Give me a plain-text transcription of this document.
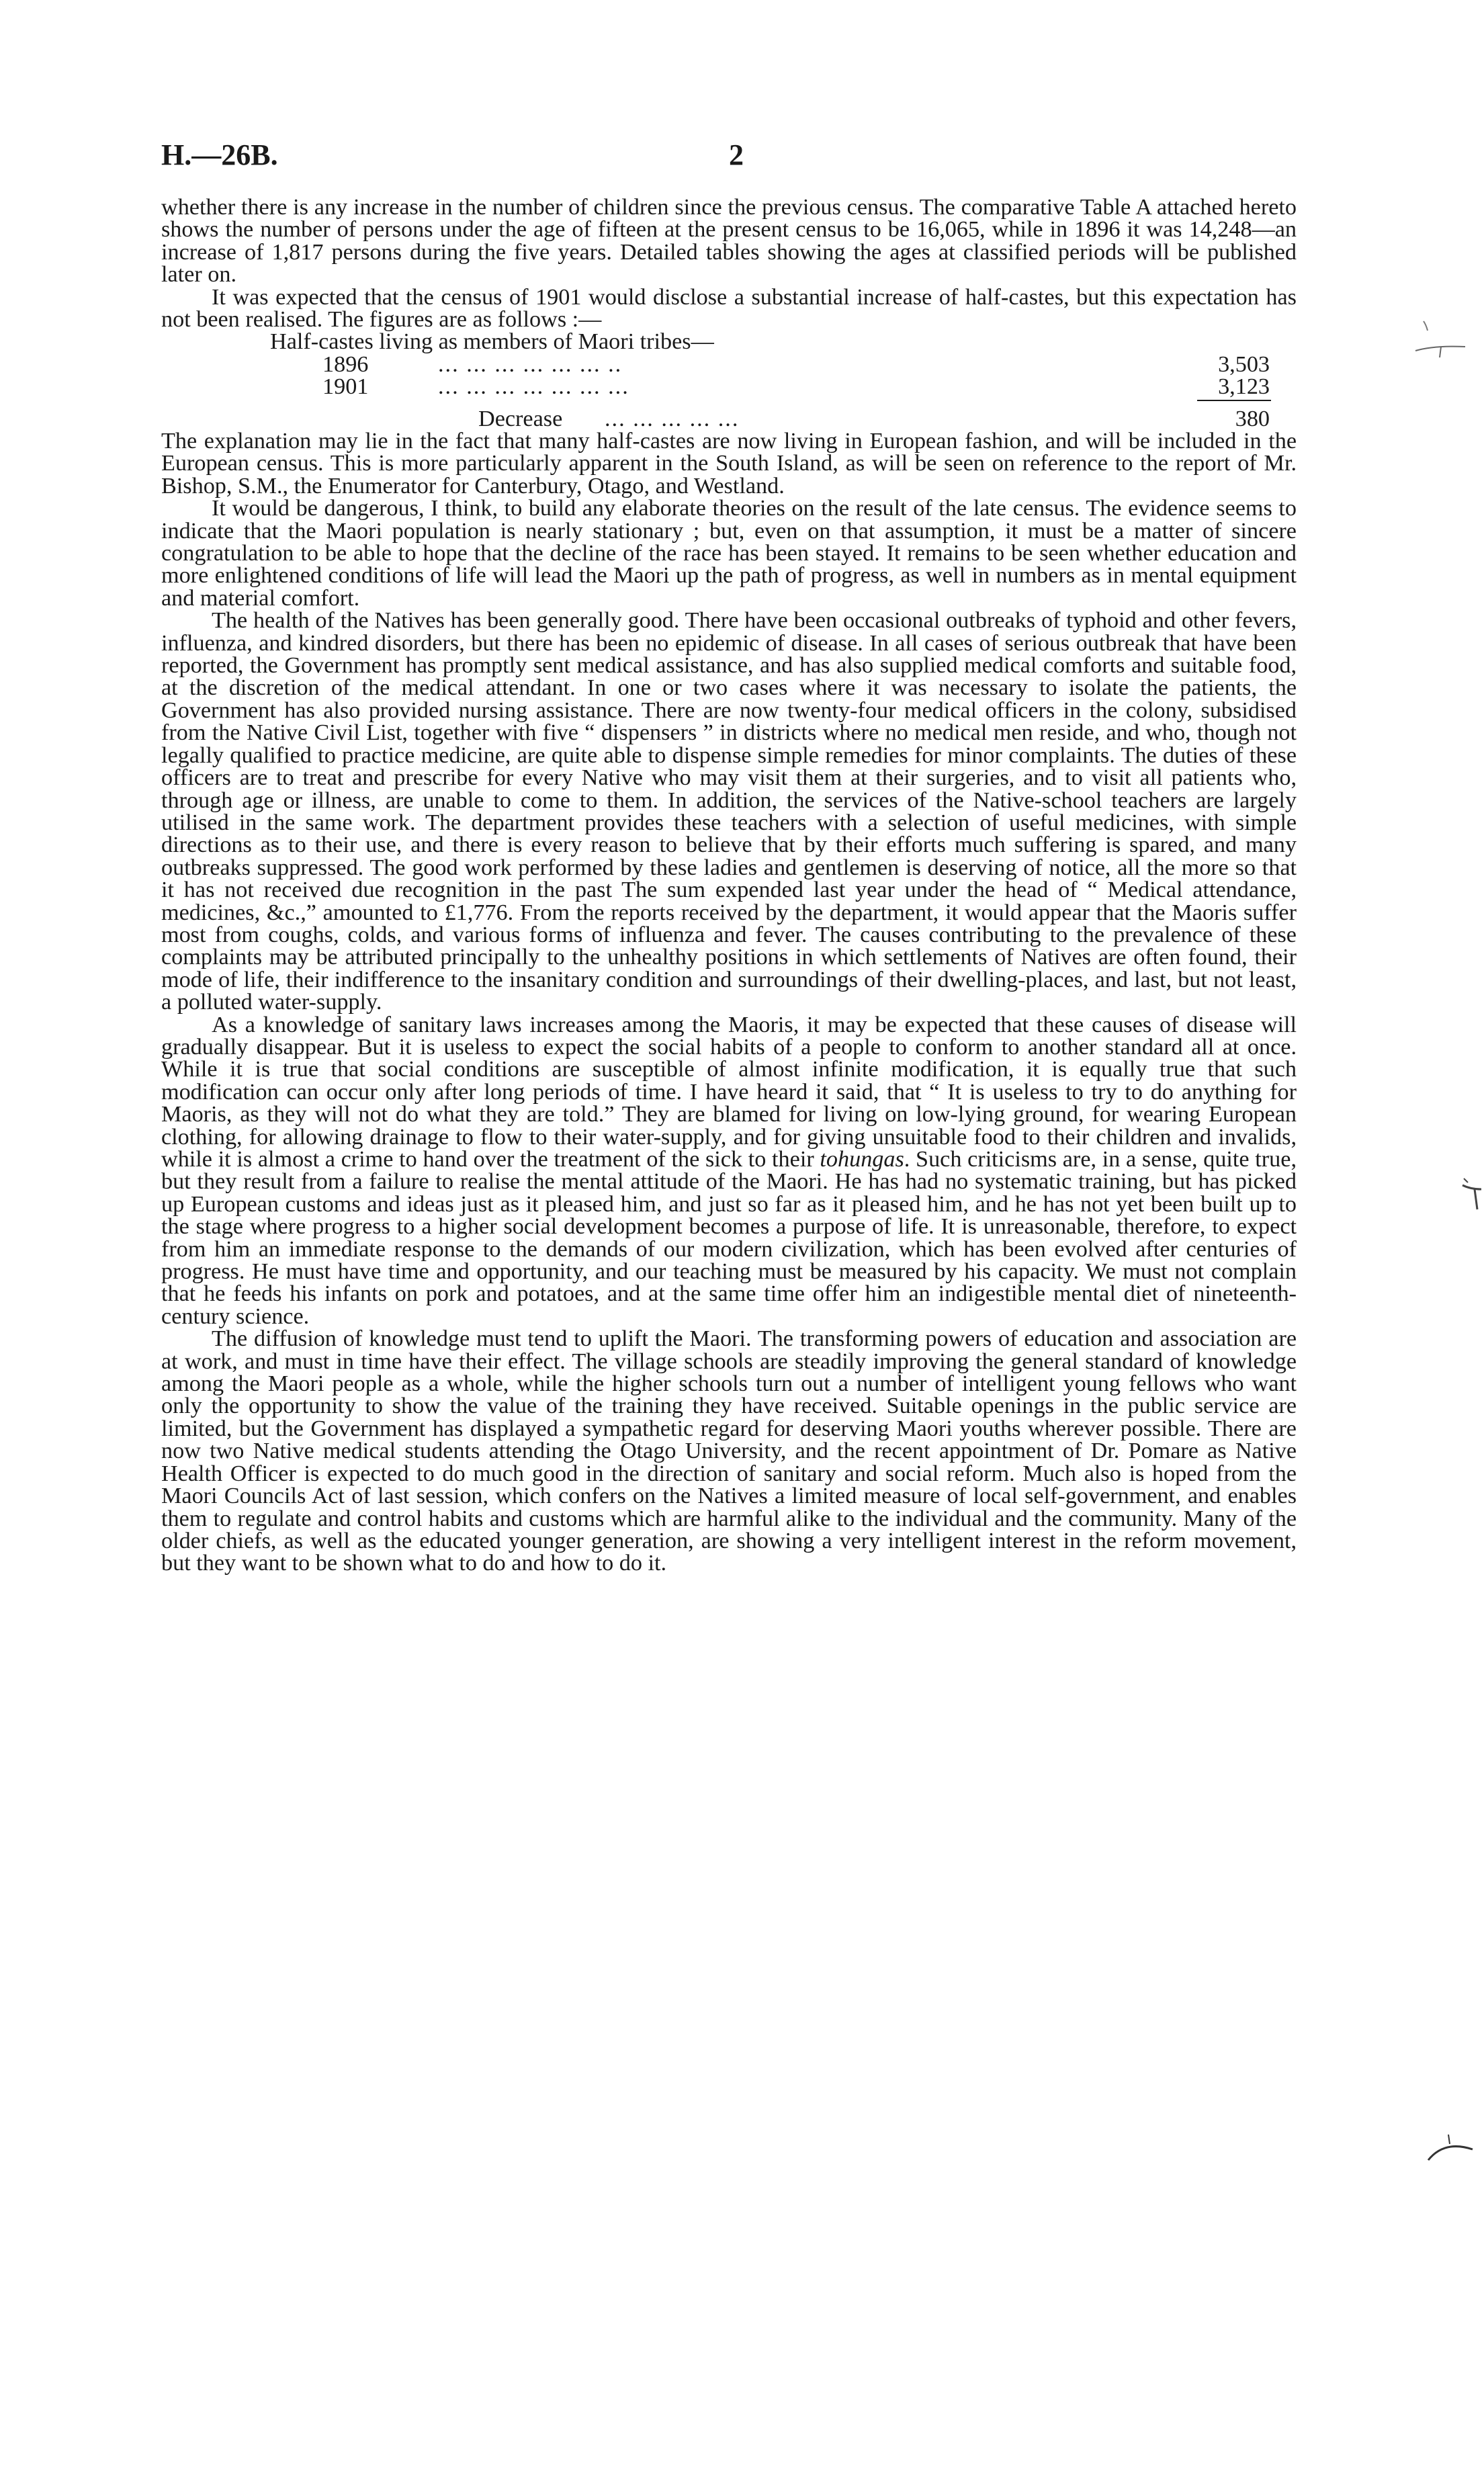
H.—26B.	2

whether there is any increase in the number of children since the previous census. The comparative Table A attached hereto shows the number of persons under the age of fifteen at the present census to be 16,065, while in 1896 it was 14,248—an increase of 1,817 persons during the five years. Detailed tables showing the ages at classified periods will be published later on.

It was expected that the census of 1901 would disclose a substantial increase of half-castes, but this expectation has not been realised. The figures are as follows :—

Half-castes living as members of Maori tribes—
1896	... ... ... ... ... ... ..	3,503
1901	... ... ... ... ... ... ...	3,123
Decrease ... ... ... ... ...	380

The explanation may lie in the fact that many half-castes are now living in European fashion, and will be included in the European census. This is more particularly apparent in the South Island, as will be seen on reference to the report of Mr. Bishop, S.M., the Enumerator for Canterbury, Otago, and Westland.

It would be dangerous, I think, to build any elaborate theories on the result of the late census. The evidence seems to indicate that the Maori population is nearly stationary ; but, even on that assumption, it must be a matter of sincere congratulation to be able to hope that the decline of the race has been stayed. It remains to be seen whether education and more enlightened conditions of life will lead the Maori up the path of progress, as well in numbers as in mental equipment and material comfort.

The health of the Natives has been generally good. There have been occasional outbreaks of typhoid and other fevers, influenza, and kindred disorders, but there has been no epidemic of disease. In all cases of serious outbreak that have been reported, the Government has promptly sent medical assistance, and has also supplied medical comforts and suitable food, at the discretion of the medical attendant. In one or two cases where it was necessary to isolate the patients, the Government has also provided nursing assistance. There are now twenty-four medical officers in the colony, subsidised from the Native Civil List, together with five “ dispensers ” in districts where no medical men reside, and who, though not legally qualified to practice medicine, are quite able to dispense simple remedies for minor complaints. The duties of these officers are to treat and prescribe for every Native who may visit them at their surgeries, and to visit all patients who, through age or illness, are unable to come to them. In addition, the services of the Native-school teachers are largely utilised in the same work. The department provides these teachers with a selection of useful medicines, with simple directions as to their use, and there is every reason to believe that by their efforts much suffering is spared, and many outbreaks suppressed. The good work performed by these ladies and gentlemen is deserving of notice, all the more so that it has not received due recognition in the past The sum expended last year under the head of “ Medical attendance, medicines, &c.,” amounted to £1,776. From the reports received by the department, it would appear that the Maoris suffer most from coughs, colds, and various forms of influenza and fever. The causes contributing to the prevalence of these complaints may be attributed principally to the unhealthy positions in which settlements of Natives are often found, their mode of life, their indifference to the insanitary condition and surroundings of their dwelling-places, and last, but not least, a polluted water-supply.

As a knowledge of sanitary laws increases among the Maoris, it may be expected that these causes of disease will gradually disappear. But it is useless to expect the social habits of a people to conform to another standard all at once. While it is true that social conditions are susceptible of almost infinite modification, it is equally true that such modification can occur only after long periods of time. I have heard it said, that “ It is useless to try to do anything for Maoris, as they will not do what they are told.” They are blamed for living on low-lying ground, for wearing European clothing, for allowing drainage to flow to their water-supply, and for giving unsuitable food to their children and invalids, while it is almost a crime to hand over the treatment of the sick to their tohungas. Such criticisms are, in a sense, quite true, but they result from a failure to realise the mental attitude of the Maori. He has had no systematic training, but has picked up European customs and ideas just as it pleased him, and just so far as it pleased him, and he has not yet been built up to the stage where progress to a higher social development becomes a purpose of life. It is unreasonable, therefore, to expect from him an immediate response to the demands of our modern civilization, which has been evolved after centuries of progress. He must have time and opportunity, and our teaching must be measured by his capacity. We must not complain that he feeds his infants on pork and potatoes, and at the same time offer him an indigestible mental diet of nineteenth-century science.

The diffusion of knowledge must tend to uplift the Maori. The transforming powers of education and association are at work, and must in time have their effect. The village schools are steadily improving the general standard of knowledge among the Maori people as a whole, while the higher schools turn out a number of intelligent young fellows who want only the opportunity to show the value of the training they have received. Suitable openings in the public service are limited, but the Government has displayed a sympathetic regard for deserving Maori youths wherever possible. There are now two Native medical students attending the Otago University, and the recent appointment of Dr. Pomare as Native Health Officer is expected to do much good in the direction of sanitary and social reform. Much also is hoped from the Maori Councils Act of last session, which confers on the Natives a limited measure of local self-government, and enables them to regulate and control habits and customs which are harmful alike to the individual and the community. Many of the older chiefs, as well as the educated younger generation, are showing a very intelligent interest in the reform movement, but they want to be shown what to do and how to do it.
